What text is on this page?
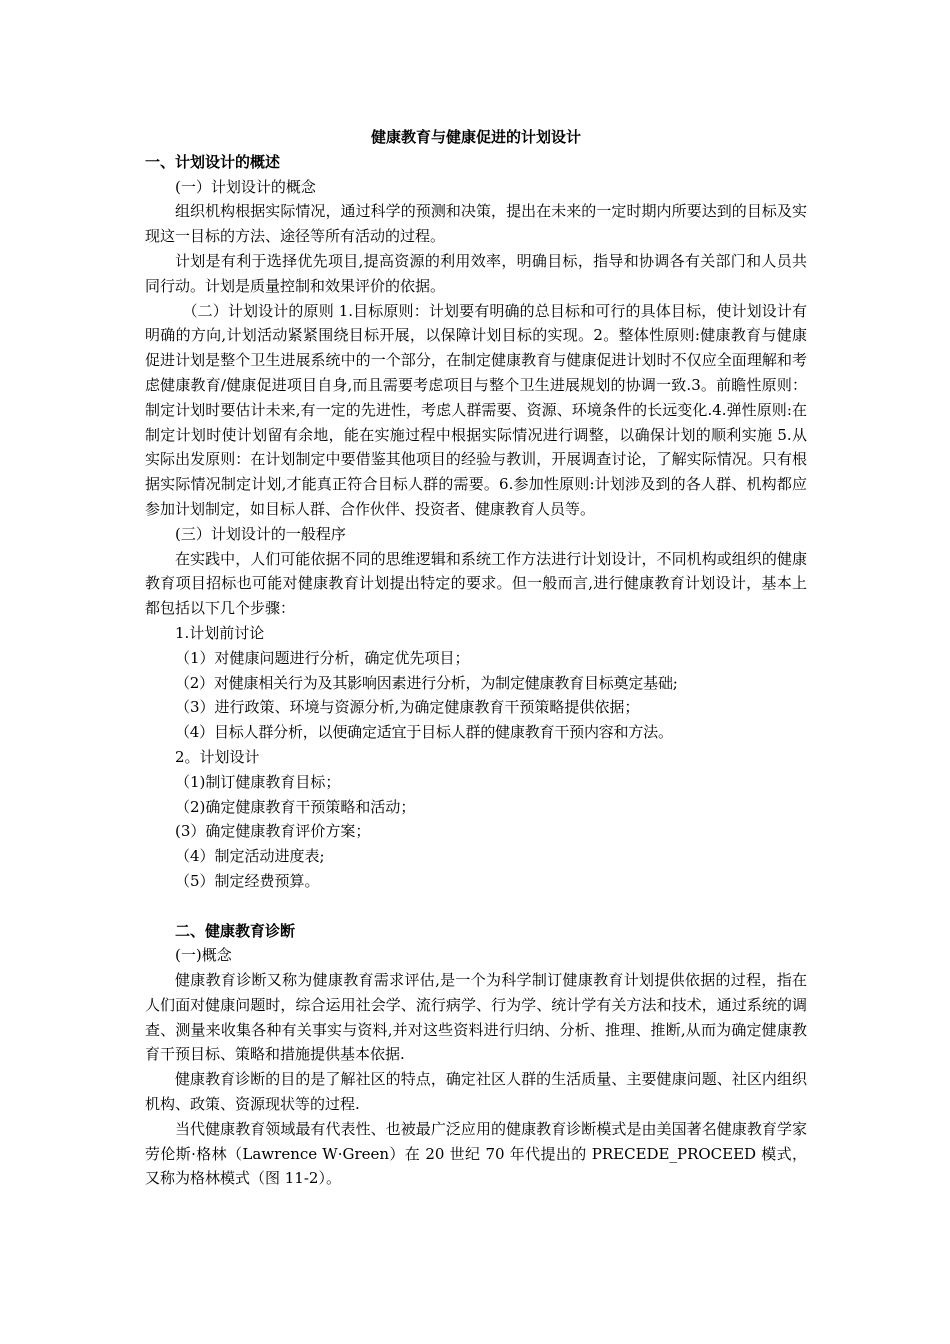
健康教育与健康促进的计划设计

一、计划设计的概述

(一）计划设计的概念

组织机构根据实际情况，通过科学的预测和决策，提出在未来的一定时期内所要达到的目标及实现这一目标的方法、途径等所有活动的过程。

计划是有利于选择优先项目,提高资源的利用效率，明确目标，指导和协调各有关部门和人员共同行动。计划是质量控制和效果评价的依据。

（二）计划设计的原则 1.目标原则：计划要有明确的总目标和可行的具体目标，使计划设计有明确的方向,计划活动紧紧围绕目标开展，以保障计划目标的实现。2。整体性原则:健康教育与健康促进计划是整个卫生进展系统中的一个部分，在制定健康教育与健康促进计划时不仅应全面理解和考虑健康教育/健康促进项目自身,而且需要考虑项目与整个卫生进展规划的协调一致.3。前瞻性原则：制定计划时要估计未来,有一定的先进性，考虑人群需要、资源、环境条件的长远变化.4.弹性原则:在制定计划时使计划留有余地，能在实施过程中根据实际情况进行调整，以确保计划的顺利实施 5.从实际出发原则：在计划制定中要借鉴其他项目的经验与教训，开展调查讨论，了解实际情况。只有根据实际情况制定计划,才能真正符合目标人群的需要。6.参加性原则:计划涉及到的各人群、机构都应参加计划制定，如目标人群、合作伙伴、投资者、健康教育人员等。

(三）计划设计的一般程序

在实践中，人们可能依据不同的思维逻辑和系统工作方法进行计划设计，不同机构或组织的健康教育项目招标也可能对健康教育计划提出特定的要求。但一般而言,进行健康教育计划设计，基本上都包括以下几个步骤：

1.计划前讨论

（1）对健康问题进行分析，确定优先项目；

（2）对健康相关行为及其影响因素进行分析，为制定健康教育目标奠定基础;

（3）进行政策、环境与资源分析,为确定健康教育干预策略提供依据；

（4）目标人群分析，以便确定适宜于目标人群的健康教育干预内容和方法。

2。计划设计

（1)制订健康教育目标；

（2)确定健康教育干预策略和活动；

(3）确定健康教育评价方案；

（4）制定活动进度表;

（5）制定经费预算。

二、健康教育诊断

(一)概念

健康教育诊断又称为健康教育需求评估,是一个为科学制订健康教育计划提供依据的过程，指在人们面对健康问题时，综合运用社会学、流行病学、行为学、统计学有关方法和技术，通过系统的调查、测量来收集各种有关事实与资料,并对这些资料进行归纳、分析、推理、推断,从而为确定健康教育干预目标、策略和措施提供基本依据.

健康教育诊断的目的是了解社区的特点，确定社区人群的生活质量、主要健康问题、社区内组织机构、政策、资源现状等的过程.

当代健康教育领域最有代表性、也被最广泛应用的健康教育诊断模式是由美国著名健康教育学家劳伦斯·格林（Lawrence W·Green）在 20 世纪 70 年代提出的 PRECEDE_PROCEED 模式，又称为格林模式（图 11-2）。
